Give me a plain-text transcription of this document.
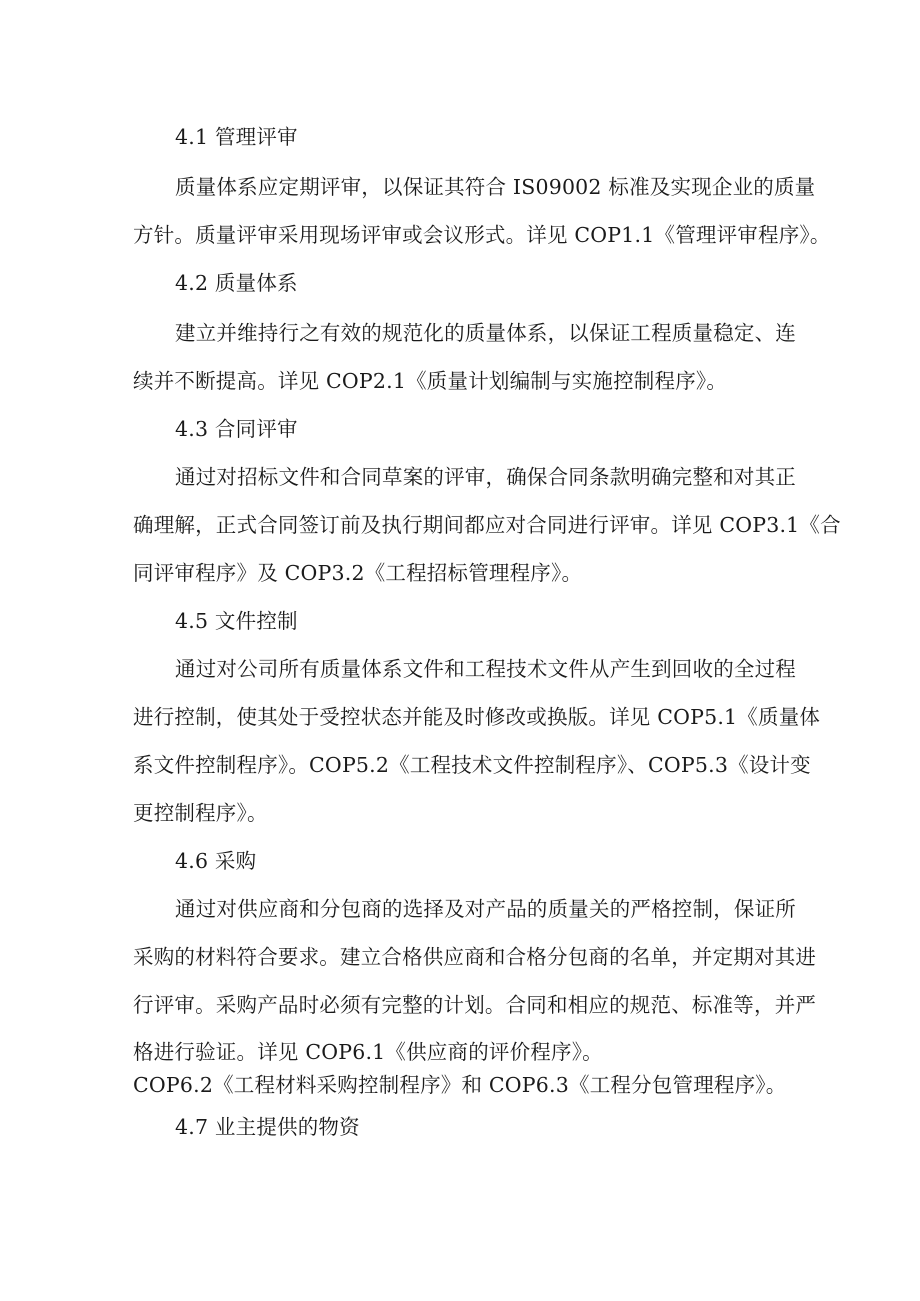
4.1 管理评审
质量体系应定期评审，以保证其符合 IS09002 标准及实现企业的质量
方针。质量评审采用现场评审或会议形式。详见 COP1.1《管理评审程序》。
4.2 质量体系
建立并维持行之有效的规范化的质量体系，以保证工程质量稳定、连
续并不断提高。详见 COP2.1《质量计划编制与实施控制程序》。
4.3 合同评审
通过对招标文件和合同草案的评审，确保合同条款明确完整和对其正
确理解，正式合同签订前及执行期间都应对合同进行评审。详见 COP3.1《合
同评审程序》及 COP3.2《工程招标管理程序》。
4.5 文件控制
通过对公司所有质量体系文件和工程技术文件从产生到回收的全过程
进行控制，使其处于受控状态并能及时修改或换版。详见 COP5.1《质量体
系文件控制程序》。COP5.2《工程技术文件控制程序》、COP5.3《设计变
更控制程序》。
4.6 采购
通过对供应商和分包商的选择及对产品的质量关的严格控制，保证所
采购的材料符合要求。建立合格供应商和合格分包商的名单，并定期对其进
行评审。采购产品时必须有完整的计划。合同和相应的规范、标准等，并严
格进行验证。详见 COP6.1《供应商的评价程序》。
COP6.2《工程材料采购控制程序》和 COP6.3《工程分包管理程序》。
4.7 业主提供的物资
